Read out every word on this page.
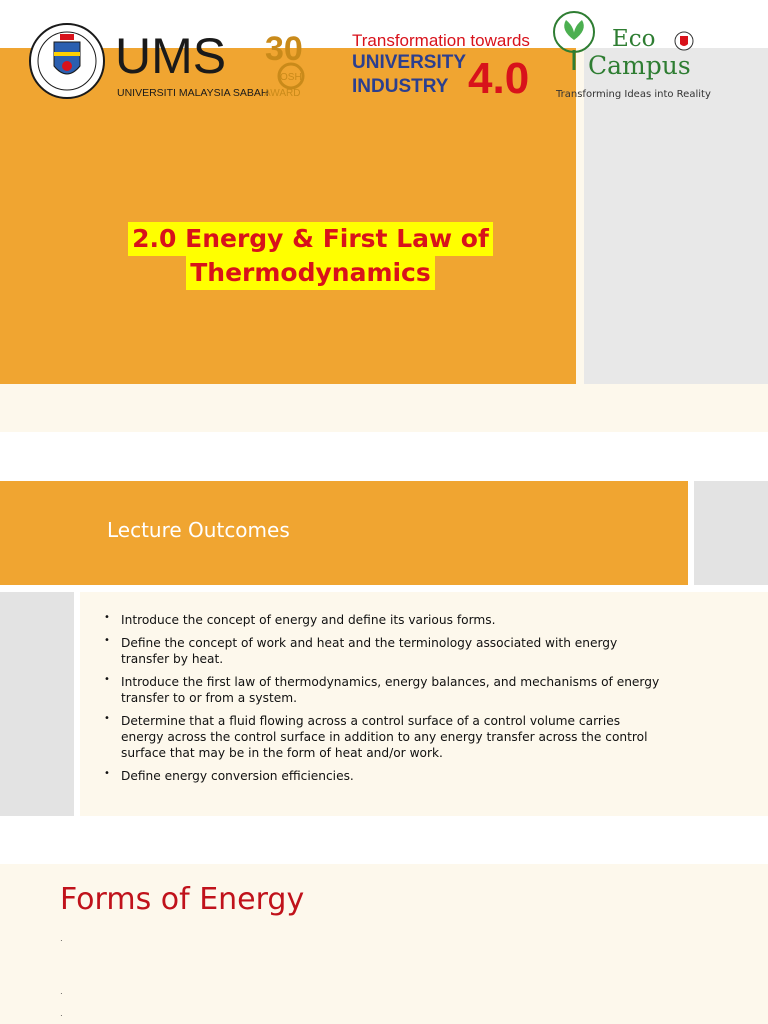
UMS
UNIVERSITI MALAYSIA SABAH
30
OSH
AWARD
Transformation towards
UNIVERSITY
INDUSTRY 4.0
Eco
Campus
Transforming Ideas into Reality
2.0 Energy & First Law of
Thermodynamics
Lecture Outcomes
• Introduce the concept of energy and define its various forms.
• Define the concept of work and heat and the terminology associated with energy transfer by heat.
• Introduce the first law of thermodynamics, energy balances, and mechanisms of energy transfer to or from a system.
• Determine that a fluid flowing across a control surface of a control volume carries energy across the control surface in addition to any energy transfer across the control surface that may be in the form of heat and/or work.
• Define energy conversion efficiencies.
Forms of Energy
·
·
·
